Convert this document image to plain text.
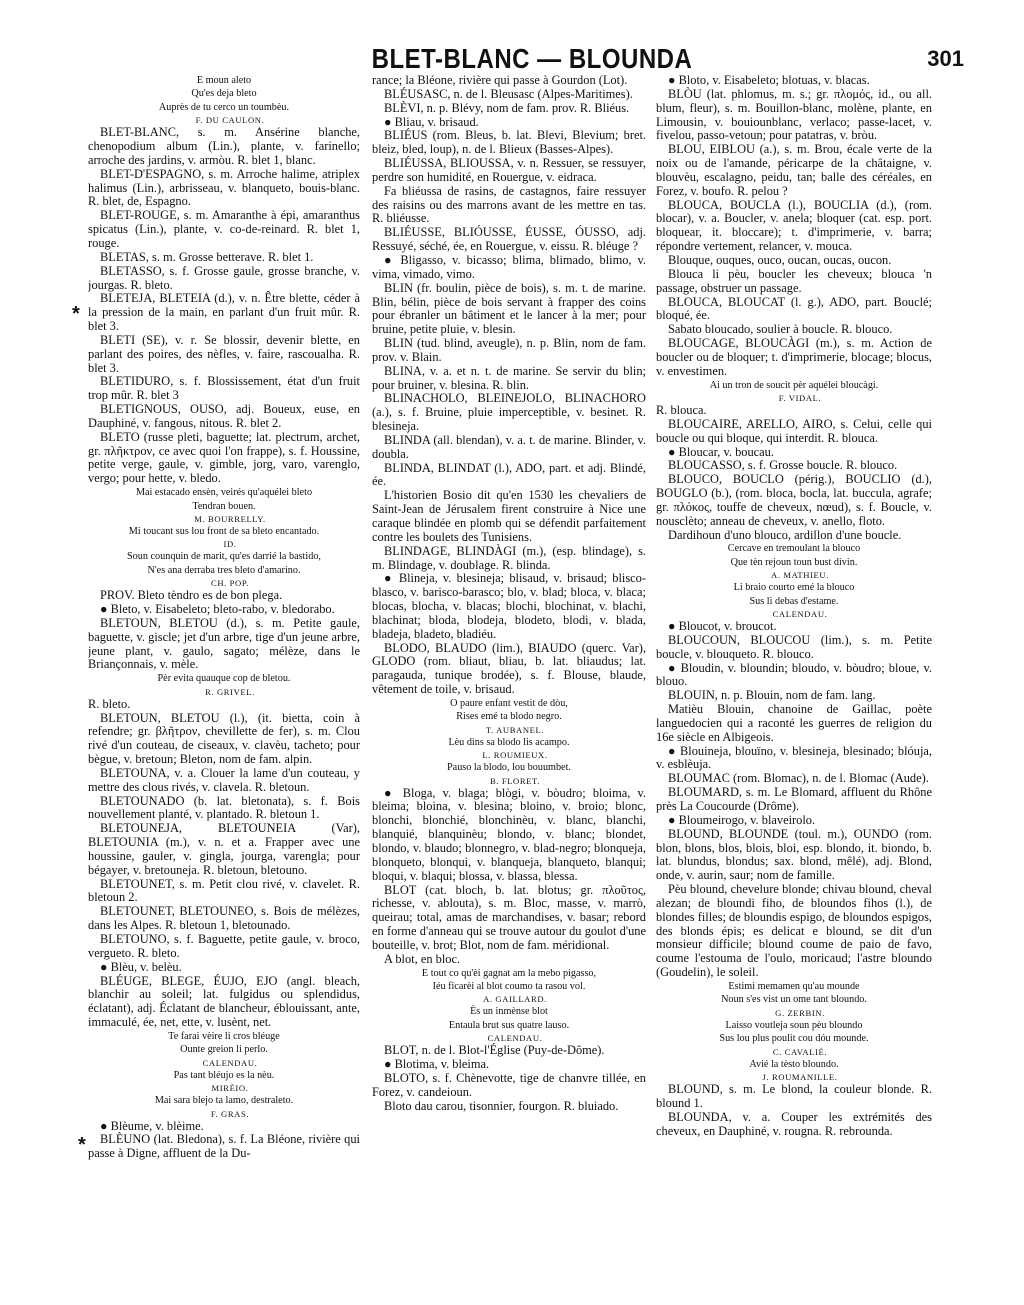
BLET-BLANC — BLOUNDA	301

E moun aleto

Qu'es deja bleto

Auprès de tu cerco un toumbèu.

F. DU CAULON.

BLET-BLANC, s. m. Ansérine blanche, chenopodium album (Lin.), plante, v. farinello; arroche des jardins, v. armòu. R. blet 1, blanc.

BLET-D'ESPAGNO, s. m. Arroche halime, atriplex halimus (Lin.), arbrisseau, v. blanqueto, bouis-blanc. R. blet, de, Espagno.

BLET-ROUGE, s. m. Amaranthe à épi, amaranthus spicatus (Lin.), plante, v. co-de-reinard. R. blet 1, rouge.

BLETAS, s. m. Grosse betterave. R. blet 1.

BLETASSO, s. f. Grosse gaule, grosse branche, v. jourgas. R. bleto.

BLETEJA, BLETEIA (d.), v. n. Être blette, céder à la pression de la main, en parlant d'un fruit mûr. R. blet 3.

BLETI (SE), v. r. Se blossir, devenir blette, en parlant des poires, des nèfles, v. faire, rascoualha. R. blet 3.

BLETIDURO, s. f. Blossissement, état d'un fruit trop mûr. R. blet 3

BLETIGNOUS, OUSO, adj. Boueux, euse, en Dauphiné, v. fangous, nitous. R. blet 2.

BLETO (russe pleti, baguette; lat. plectrum, archet, gr. πλῆκτρον, ce avec quoi l'on frappe), s. f. Houssine, petite verge, gaule, v. gimble, jorg, varo, varenglo, vergo; pour hette, v. bledo.

Mai estacado ensèn, veirés qu'aquélei bleto

Tendran bouen.

M. BOURRELLY.

Mi toucant sus lou front de sa bleto encantado.

ID.

Soun counquin de marit, qu'es darrié la bastido,

N'es ana derraba tres bleto d'amarino.

CH. POP.

PROV. Bleto tèndro es de bon plega.

● Bleto, v. Eisabeleto; bleto-rabo, v. bledorabo.

BLETOUN, BLETOU (d.), s. m. Petite gaule, baguette, v. giscle; jet d'un arbre, tige d'un jeune arbre, jeune plant, v. gaulo, sagato; mélèze, dans le Briançonnais, v. mèle.

Pèr evita quauque cop de bletou.

R. GRIVEL.

R. bleto.

BLETOUN, BLETOU (l.), (it. bietta, coin à refendre; gr. βλῆτρον, chevillette de fer), s. m. Clou rivé d'un couteau, de ciseaux, v. clavèu, tacheto; pour bègue, v. bretoun; Bleton, nom de fam. alpin.

BLETOUNA, v. a. Clouer la lame d'un couteau, y mettre des clous rivés, v. clavela. R. bletoun.

BLETOUNADO (b. lat. bletonata), s. f. Bois nouvellement planté, v. plantado. R. bletoun 1.

BLETOUNEJA, BLETOUNEIA (Var), BLETOUNIA (m.), v. n. et a. Frapper avec une houssine, gauler, v. gingla, jourga, varengla; pour bégayer, v. bretouneja. R. bletoun, bletouno.

BLETOUNET, s. m. Petit clou rivé, v. clavelet. R. bletoun 2.

BLETOUNET, BLETOUNEO, s. Bois de mélèzes, dans les Alpes. R. bletoun 1, bletounado.

BLETOUNO, s. f. Baguette, petite gaule, v. broco, vergueto. R. bleto.

● Blèu, v. belèu.

BLÉUGE, BLEGE, ÉUJO, EJO (angl. bleach, blanchir au soleil; lat. fulgidus ou splendidus, éclatant), adj. Éclatant de blancheur, éblouissant, ante, immaculé, ée, net, ette, v. lusènt, net.

Te farai vèire li cros bléuge

Ounte greion li perlo.

CALENDAU.

Pas tant bléujo es la nèu.

MIRÈIO.

Mai sara blejo ta lamo, destraleto.

F. GRAS.

● Blèume, v. blèime.

BLÈUNO (lat. Bledona), s. f. La Bléone, rivière qui passe à Digne, affluent de la Du-

rance; la Bléone, rivière qui passe à Gourdon (Lot).

BLÉUSASC, n. de l. Bleusasc (Alpes-Maritimes).

BLÈVI, n. p. Blévy, nom de fam. prov. R. Bliéus.

● Bliau, v. brisaud.

BLIÉUS (rom. Bleus, b. lat. Blevi, Blevium; bret. bleiz, bled, loup), n. de l. Blieux (Basses-Alpes).

BLIÉUSSA, BLIOUSSA, v. n. Ressuer, se ressuyer, perdre son humidité, en Rouergue, v. eidraca.

Fa bliéussa de rasins, de castagnos, faire ressuyer des raisins ou des marrons avant de les mettre en tas. R. bliéusse.

BLIÉUSSE, BLIÓUSSE, ÉUSSE, ÓUSSO, adj. Ressuyé, séché, ée, en Rouergue, v. eissu. R. bléuge ?

● Bligasso, v. bicasso; blima, blimado, blimo, v. vima, vimado, vimo.

BLIN (fr. boulin, pièce de bois), s. m. t. de marine. Blin, bélin, pièce de bois servant à frapper des coins pour ébranler un bâtiment et le lancer à la mer; pour bruine, petite pluie, v. blesin.

BLIN (tud. blind, aveugle), n. p. Blin, nom de fam. prov. v. Blain.

BLINA, v. a. et n. t. de marine. Se servir du blin; pour bruiner, v. blesina. R. blin.

BLINACHOLO, BLEINEJOLO, BLINACHORO (a.), s. f. Bruine, pluie imperceptible, v. besinet. R. blesineja.

BLINDA (all. blendan), v. a. t. de marine. Blinder, v. doubla.

BLINDA, BLINDAT (l.), ADO, part. et adj. Blindé, ée.

L'historien Bosio dit qu'en 1530 les chevaliers de Saint-Jean de Jérusalem firent construire à Nice une caraque blindée en plomb qui se défendit parfaitement contre les boulets des Tunisiens.

BLINDAGE, BLINDÀGI (m.), (esp. blindage), s. m. Blindage, v. doublage. R. blinda.

● Blineja, v. blesineja; blisaud, v. brisaud; blisco-blasco, v. barisco-barasco; blo, v. blad; bloca, v. blaca; blocas, blocha, v. blacas; blochi, blochinat, v. blachi, blachinat; bloda, blodeja, blodeto, blodi, v. blada, bladeja, bladeto, bladiéu.

BLODO, BLAUDO (lim.), BIAUDO (querc. Var), GLODO (rom. bliaut, bliau, b. lat. bliaudus; lat. paragauda, tunique brodée), s. f. Blouse, blaude, vêtement de toile, v. brisaud.

O paure enfant vestit de dòu,

Rises emé ta blodo negro.

T. AUBANEL.

Lèu dins sa blodo lis acampo.

L. ROUMIEUX.

Pauso la blodo, lou bouumbet.

B. FLORET.

● Bloga, v. blaga; blògi, v. bòudro; bloima, v. bleima; bloina, v. blesina; bloino, v. broio; blonc, blonchi, blonchié, blonchinèu, v. blanc, blanchi, blanquié, blanquinèu; blondo, v. blanc; blondet, blondo, v. blaudo; blonnegro, v. blad-negro; blonqueja, blonqueto, blonqui, v. blanqueja, blanqueto, blanqui; bloqui, v. blaqui; blossa, v. blassa, blessa.

BLOT (cat. bloch, b. lat. blotus; gr. πλοῦτος, richesse, v. abloutа), s. m. Bloc, masse, v. marrò, queirau; total, amas de marchandises, v. basar; rebord en forme d'anneau qui se trouve autour du goulot d'une bouteille, v. brot; Blot, nom de fam. méridional.

A blot, en bloc.

E tout co qu'èi gagnat am la mebo pigasso,

Iéu ficarèi al blot coumo ta rasou vol.

A. GAILLARD.

Ès un inmènse blot

Entaula brut sus quatre lauso.

CALENDAU.

BLOT, n. de l. Blot-l'Église (Puy-de-Dôme).

● Blotima, v. bleima.

BLOTO, s. f. Chènevotte, tige de chanvre tillée, en Forez, v. candeioun.

Bloto dau carou, tisonnier, fourgon. R. bluiado.

● Bloto, v. Eisabeleto; blotuas, v. blacas.

BLÒU (lat. phlomus, m. s.; gr. πλομός, id., ou all. blum, fleur), s. m. Bouillon-blanc, molène, plante, en Limousin, v. bouiounblanc, verlaco; passe-lacet, v. fivelou, passo-vetoun; pour patatras, v. bròu.

BLOU, EIBLOU (a.), s. m. Brou, écale verte de la noix ou de l'amande, péricarpe de la châtaigne, v. blouvèu, escalagno, peidu, tan; balle des céréales, en Forez, v. boufo. R. pelou ?

BLOUCA, BOUCLA (l.), BOUCLIA (d.), (rom. blocar), v. a. Boucler, v. anela; bloquer (cat. esp. port. bloquear, it. bloccare); t. d'imprimerie, v. barra; répondre vertement, relancer, v. mouca.

Blouque, ouques, ouco, oucan, oucas, oucon.

Blouca li pèu, boucler les cheveux; blouca 'n passage, obstruer un passage.

BLOUCA, BLOUCAT (l. g.), ADO, part. Bouclé; bloqué, ée.

Sabato bloucado, soulier à boucle. R. blouco.

BLOUCAGE, BLOUCÀGI (m.), s. m. Action de boucler ou de bloquer; t. d'imprimerie, blocage; blocus, v. envestimen.

Ai un tron de soucit pèr aquélei bloucàgi.

F. VIDAL.

R. blouca.

BLOUCAIRE, ARELLO, AIRO, s. Celui, celle qui boucle ou qui bloque, qui interdit. R. blouca.

● Bloucar, v. boucau.

BLOUCASSO, s. f. Grosse boucle. R. blouco.

BLOUCO, BOUCLO (périg.), BOUCLIO (d.), BOUGLO (b.), (rom. bloca, bocla, lat. buccula, agrafe; gr. πλόκος, touffe de cheveux, nœud), s. f. Boucle, v. nousclèto; anneau de cheveux, v. anello, floto.

Dardihoun d'uno blouco, ardillon d'une boucle.

Cercave en tremoulant la blouco

Que tèn rejoun toun bust divin.

A. MATHIEU.

Li braio courto emé la blouco

Sus li debas d'estame.

CALENDAU.

● Bloucot, v. broucot.

BLOUCOUN, BLOUCOU (lim.), s. m. Petite boucle, v. blouqueto. R. blouco.

● Bloudin, v. bloundin; bloudo, v. bòudro; bloue, v. blouo.

BLOUIN, n. p. Blouin, nom de fam. lang.

Matièu Blouin, chanoine de Gaillac, poète languedocien qui a raconté les guerres de religion du 16e siècle en Albigeois.

● Blouineja, blouïno, v. blesineja, blesinado; blóuja, v. esblèuja.

BLOUMAC (rom. Blomac), n. de l. Blomac (Aude).

BLOUMARD, s. m. Le Blomard, affluent du Rhône près La Coucourde (Drôme).

● Bloumeirogo, v. blaveirolo.

BLOUND, BLOUNDE (toul. m.), OUNDO (rom. blon, blons, blos, blois, bloi, esp. blondo, it. biondo, b. lat. blundus, blondus; sax. blond, mêlé), adj. Blond, onde, v. aurin, saur; nom de famille.

Pèu blound, chevelure blonde; chivau blound, cheval alezan; de bloundi fiho, de bloundos fihos (l.), de blondes filles; de bloundis espigo, de bloundos espigos, des blonds épis; es delicat e blound, se dit d'un monsieur difficile; blound coume de paio de favo, coume l'estouma de l'oulo, moricaud; l'astre bloundo (Goudelin), le soleil.

Estimi memamen qu'au mounde

Noun s'es vist un ome tant bloundo.

G. ZERBIN.

Laisso voutleja soun pèu bloundo

Sus lou plus poulit cou dóu mounde.

C. CAVALIÉ.

Avié la tèsto bloundo.

J. ROUMANILLE.

BLOUND, s. m. Le blond, la couleur blonde. R. blound 1.

BLOUNDA, v. a. Couper les extrémités des cheveux, en Dauphiné, v. rougna. R. rebrounda.

*
*
